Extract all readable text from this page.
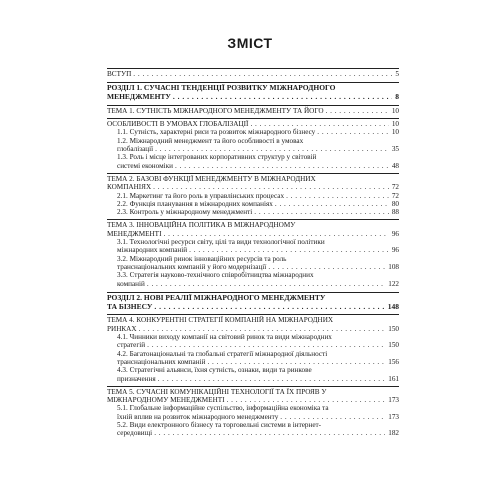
ЗМІСТ
ВСТУП . . .	5
РОЗДІЛ 1. СУЧАСНІ ТЕНДЕНЦІЇ РОЗВИТКУ МІЖНАРОДНОГО
МЕНЕДЖМЕНТУ . . .	8
ТЕМА 1. СУТНІСТЬ МІЖНАРОДНОГО МЕНЕДЖМЕНТУ ТА ЙОГО . . .	10
ОСОБЛИВОСТІ В УМОВАХ ГЛОБАЛІЗАЦІЇ . . .	10
1.1. Сутність, характерні риси та розвиток міжнародного бізнесу . . .	10
1.2. Міжнародний менеджмент та його особливості в умовах
глобалізації . . .	35
1.3. Роль і місце інтегрованих корпоративних структур у світовій
системі економіки . . .	48
ТЕМА 2. БАЗОВІ ФУНКЦІЇ МЕНЕДЖМЕНТУ В МІЖНАРОДНИХ
КОМПАНІЯХ . . .	72
2.1. Маркетинг та його роль в управлінських процесах . . .	72
2.2. Функція планування в міжнародних компаніях . . .	80
2.3. Контроль у міжнародному менеджменті . . .	88
ТЕМА 3. ІННОВАЦІЙНА ПОЛІТИКА В МІЖНАРОДНОМУ
МЕНЕДЖМЕНТІ . . .	96
3.1. Технологічні ресурси світу, цілі та види технологічної політики
міжнародних компаній . . .	96
3.2. Міжнародний ринок інноваційних ресурсів та роль
транснаціональних компаній у його модернізації . . .	108
3.3. Стратегія науково-технічного співробітництва міжнародних
компаній . . .	122
РОЗДІЛ 2. НОВІ РЕАЛІЇ МІЖНАРОДНОГО МЕНЕДЖМЕНТУ
ТА БІЗНЕСУ . . .	148
ТЕМА 4. КОНКУРЕНТНІ СТРАТЕГІЇ КОМПАНІЙ НА МІЖНАРОДНИХ
РИНКАХ . . .	150
4.1. Чинники виходу компанії на світовий ринок та види міжнародних
стратегій . . .	150
4.2. Багатонаціональні та глобальні стратегії міжнародної діяльності
транснаціональних компаній . . .	156
4.3. Стратегічні альянси, їхня сутність, ознаки, види та ринкове
призначення . . .	161
ТЕМА 5. СУЧАСНІ КОМУНІКАЦІЙНІ ТЕХНОЛОГІЇ ТА ЇХ ПРОЯВ У
МІЖНАРОДНОМУ МЕНЕДЖМЕНТІ . . .	173
5.1. Глобальне інформаційне суспільство, інформаційна економіка та
їхній вплив на розвиток міжнародного менеджменту . . .	173
5.2. Види електронного бізнесу та торговельні системи в інтернет-
середовищі . . .	182
